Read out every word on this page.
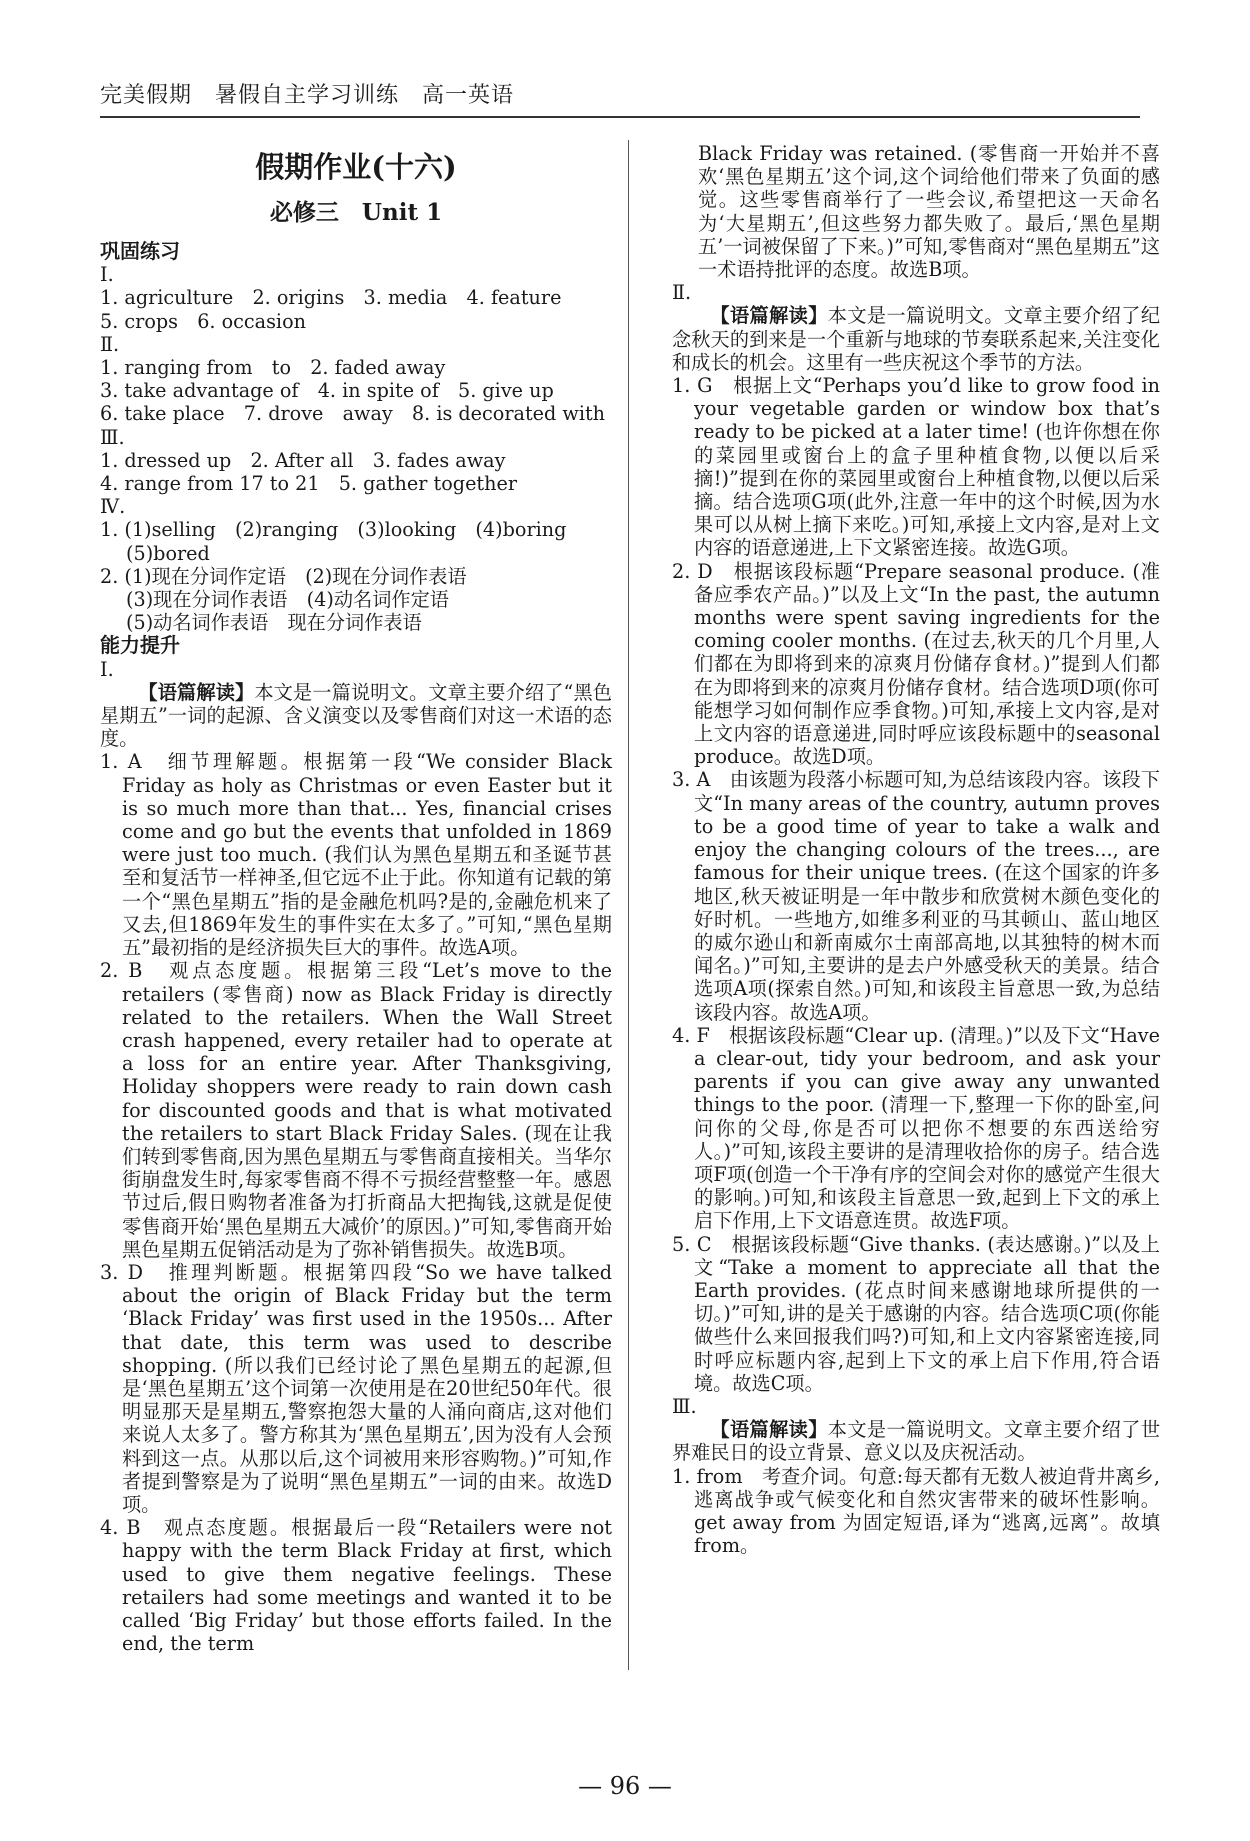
完美假期　暑假自主学习训练　高一英语
假期作业(十六)
必修三　Unit 1
巩固练习
Ⅰ.

1. agriculture　2. origins　3. media　4. feature

5. crops　6. occasion

Ⅱ.

1. ranging from　to　2. faded away

3. take advantage of　4. in spite of　5. give up

6. take place　7. drove　away　8. is decorated with

Ⅲ.

1. dressed up　2. After all　3. fades away

4. range from 17 to 21　5. gather together

Ⅳ.

1. (1)selling　(2)ranging　(3)looking　(4)boring

(5)bored

2. (1)现在分词作定语　(2)现在分词作表语

(3)现在分词作表语　(4)动名词作定语

(5)动名词作表语　现在分词作表语

能力提升
Ⅰ.

【语篇解读】本文是一篇说明文。文章主要介绍了“黑色星期五”一词的起源、含义演变以及零售商们对这一术语的态度。

1. A　细节理解题。根据第一段“We consider Black Friday as holy as Christmas or even Easter but it is so much more than that... Yes, financial crises come and go but the events that unfolded in 1869 were just too much. (我们认为黑色星期五和圣诞节甚至和复活节一样神圣,但它远不止于此。你知道有记载的第一个“黑色星期五”指的是金融危机吗?是的,金融危机来了又去,但1869年发生的事件实在太多了。”可知,“黑色星期五”最初指的是经济损失巨大的事件。故选A项。

2. B　观点态度题。根据第三段“Let’s move to the retailers (零售商) now as Black Friday is directly related to the retailers. When the Wall Street crash happened, every retailer had to operate at a loss for an entire year. After Thanksgiving, Holiday shoppers were ready to rain down cash for discounted goods and that is what motivated the retailers to start Black Friday Sales. (现在让我们转到零售商,因为黑色星期五与零售商直接相关。当华尔街崩盘发生时,每家零售商不得不亏损经营整整一年。感恩节过后,假日购物者准备为打折商品大把掏钱,这就是促使零售商开始‘黑色星期五大减价’的原因。)”可知,零售商开始黑色星期五促销活动是为了弥补销售损失。故选B项。

3. D　推理判断题。根据第四段“So we have talked about the origin of Black Friday but the term ‘Black Friday’ was first used in the 1950s... After that date, this term was used to describe shopping. (所以我们已经讨论了黑色星期五的起源,但是‘黑色星期五’这个词第一次使用是在20世纪50年代。很明显那天是星期五,警察抱怨大量的人涌向商店,这对他们来说人太多了。警方称其为‘黑色星期五’,因为没有人会预料到这一点。从那以后,这个词被用来形容购物。)”可知,作者提到警察是为了说明“黑色星期五”一词的由来。故选D项。

4. B　观点态度题。根据最后一段“Retailers were not happy with the term Black Friday at first, which used to give them negative feelings. These retailers had some meetings and wanted it to be called ‘Big Friday’ but those efforts failed. In the end, the term

Black Friday was retained. (零售商一开始并不喜欢‘黑色星期五’这个词,这个词给他们带来了负面的感觉。这些零售商举行了一些会议,希望把这一天命名为‘大星期五’,但这些努力都失败了。最后,‘黑色星期五’一词被保留了下来。)”可知,零售商对“黑色星期五”这一术语持批评的态度。故选B项。

Ⅱ.

【语篇解读】本文是一篇说明文。文章主要介绍了纪念秋天的到来是一个重新与地球的节奏联系起来,关注变化和成长的机会。这里有一些庆祝这个季节的方法。

1. G　根据上文“Perhaps you’d like to grow food in your vegetable garden or window box that’s ready to be picked at a later time! (也许你想在你的菜园里或窗台上的盒子里种植食物,以便以后采摘!)”提到在你的菜园里或窗台上种植食物,以便以后采摘。结合选项G项(此外,注意一年中的这个时候,因为水果可以从树上摘下来吃。)可知,承接上文内容,是对上文内容的语意递进,上下文紧密连接。故选G项。

2. D　根据该段标题“Prepare seasonal produce. (准备应季农产品。)”以及上文“In the past, the autumn months were spent saving ingredients for the coming cooler months. (在过去,秋天的几个月里,人们都在为即将到来的凉爽月份储存食材。)”提到人们都在为即将到来的凉爽月份储存食材。结合选项D项(你可能想学习如何制作应季食物。)可知,承接上文内容,是对上文内容的语意递进,同时呼应该段标题中的seasonal produce。故选D项。

3. A　由该题为段落小标题可知,为总结该段内容。该段下文“In many areas of the country, autumn proves to be a good time of year to take a walk and enjoy the changing colours of the trees..., are famous for their unique trees. (在这个国家的许多地区,秋天被证明是一年中散步和欣赏树木颜色变化的好时机。一些地方,如维多利亚的马其顿山、蓝山地区的威尔逊山和新南威尔士南部高地,以其独特的树木而闻名。)”可知,主要讲的是去户外感受秋天的美景。结合选项A项(探索自然。)可知,和该段主旨意思一致,为总结该段内容。故选A项。

4. F　根据该段标题“Clear up. (清理。)”以及下文“Have a clear-out, tidy your bedroom, and ask your parents if you can give away any unwanted things to the poor. (清理一下,整理一下你的卧室,问问你的父母,你是否可以把你不想要的东西送给穷人。)”可知,该段主要讲的是清理收拾你的房子。结合选项F项(创造一个干净有序的空间会对你的感觉产生很大的影响。)可知,和该段主旨意思一致,起到上下文的承上启下作用,上下文语意连贯。故选F项。

5. C　根据该段标题“Give thanks. (表达感谢。)”以及上文“Take a moment to appreciate all that the Earth provides. (花点时间来感谢地球所提供的一切。)”可知,讲的是关于感谢的内容。结合选项C项(你能做些什么来回报我们吗?)可知,和上文内容紧密连接,同时呼应标题内容,起到上下文的承上启下作用,符合语境。故选C项。

Ⅲ.

【语篇解读】本文是一篇说明文。文章主要介绍了世界难民日的设立背景、意义以及庆祝活动。

1. from　考查介词。句意:每天都有无数人被迫背井离乡,逃离战争或气候变化和自然灾害带来的破坏性影响。get away from 为固定短语,译为“逃离,远离”。故填from。

— 96 —
